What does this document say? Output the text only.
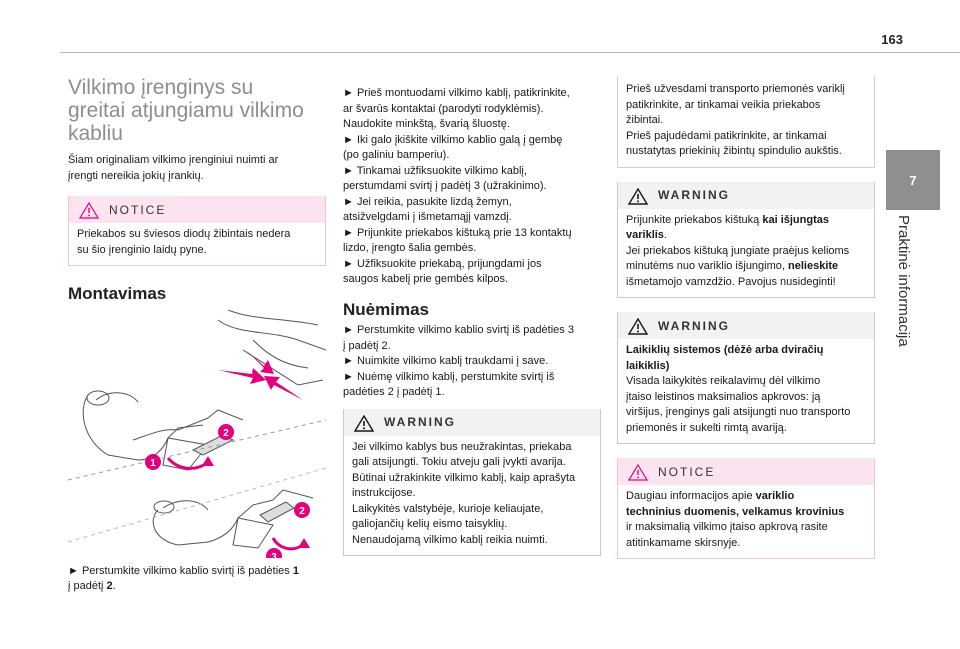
163
7
Praktinė informacija
Vilkimo įrenginys su
greitai atjungiamu vilkimo
kabliu

Šiam originaliam vilkimo įrenginiui nuimti ar
įrengti nereikia jokių įrankių.

NOTICE
Priekabos su šviesos diodų žibintais nedera
su šio įrenginio laidų pyne.
Montavimas
1
2
2
3

► Perstumkite vilkimo kablio svirtį iš padėties 1
į padėtį 2.

► Prieš montuodami vilkimo kablį, patikrinkite,
ar švarūs kontaktai (parodyti rodyklėmis).
Naudokite minkštą, švarią šluostę.
► Iki galo įkiškite vilkimo kablio galą į gembę
(po galiniu bamperiu).
► Tinkamai užfiksuokite vilkimo kablį,
perstumdami svirtį į padėtį 3 (užrakinimo).
► Jei reikia, pasukite lizdą žemyn,
atsižvelgdami į išmetamąjį vamzdį.
► Prijunkite priekabos kištuką prie 13 kontaktų
lizdo, įrengto šalia gembės.
► Užfiksuokite priekabą, prijungdami jos
saugos kabelį prie gembės kilpos.

Nuėmimas

► Perstumkite vilkimo kablio svirtį iš padėties 3
į padėtį 2.
► Nuimkite vilkimo kablį traukdami į save.
► Nuėmę vilkimo kablį, perstumkite svirtį iš
padėties 2 į padėtį 1.

WARNING
Jei vilkimo kablys bus neužrakintas, priekaba
gali atsijungti. Tokiu atveju gali įvykti avarija.
Būtinai užrakinkite vilkimo kablį, kaip aprašyta
instrukcijose.
Laikykitės valstybėje, kurioje keliaujate,
galiojančių kelių eismo taisyklių.
Nenaudojamą vilkimo kablį reikia nuimti.
Prieš užvesdami transporto priemonės variklį
patikrinkite, ar tinkamai veikia priekabos
žibintai.
Prieš pajudėdami patikrinkite, ar tinkamai
nustatytas priekinių žibintų spindulio aukštis.
WARNING
Prijunkite priekabos kištuką kai išjungtas
variklis.
Jei priekabos kištuką jungiate praėjus kelioms
minutėms nuo variklio išjungimo, nelieskite
išmetamojo vamzdžio. Pavojus nusideginti!
WARNING
Laikiklių sistemos (dėžė arba dviračių
laikiklis)
Visada laikykitės reikalavimų dėl vilkimo
įtaiso leistinos maksimalios apkrovos: ją
viršijus, įrenginys gali atsijungti nuo transporto
priemonės ir sukelti rimtą avariją.
NOTICE
Daugiau informacijos apie variklio
techninius duomenis, velkamus krovinius
ir maksimalią vilkimo įtaiso apkrovą rasite
atitinkamame skirsnyje.
